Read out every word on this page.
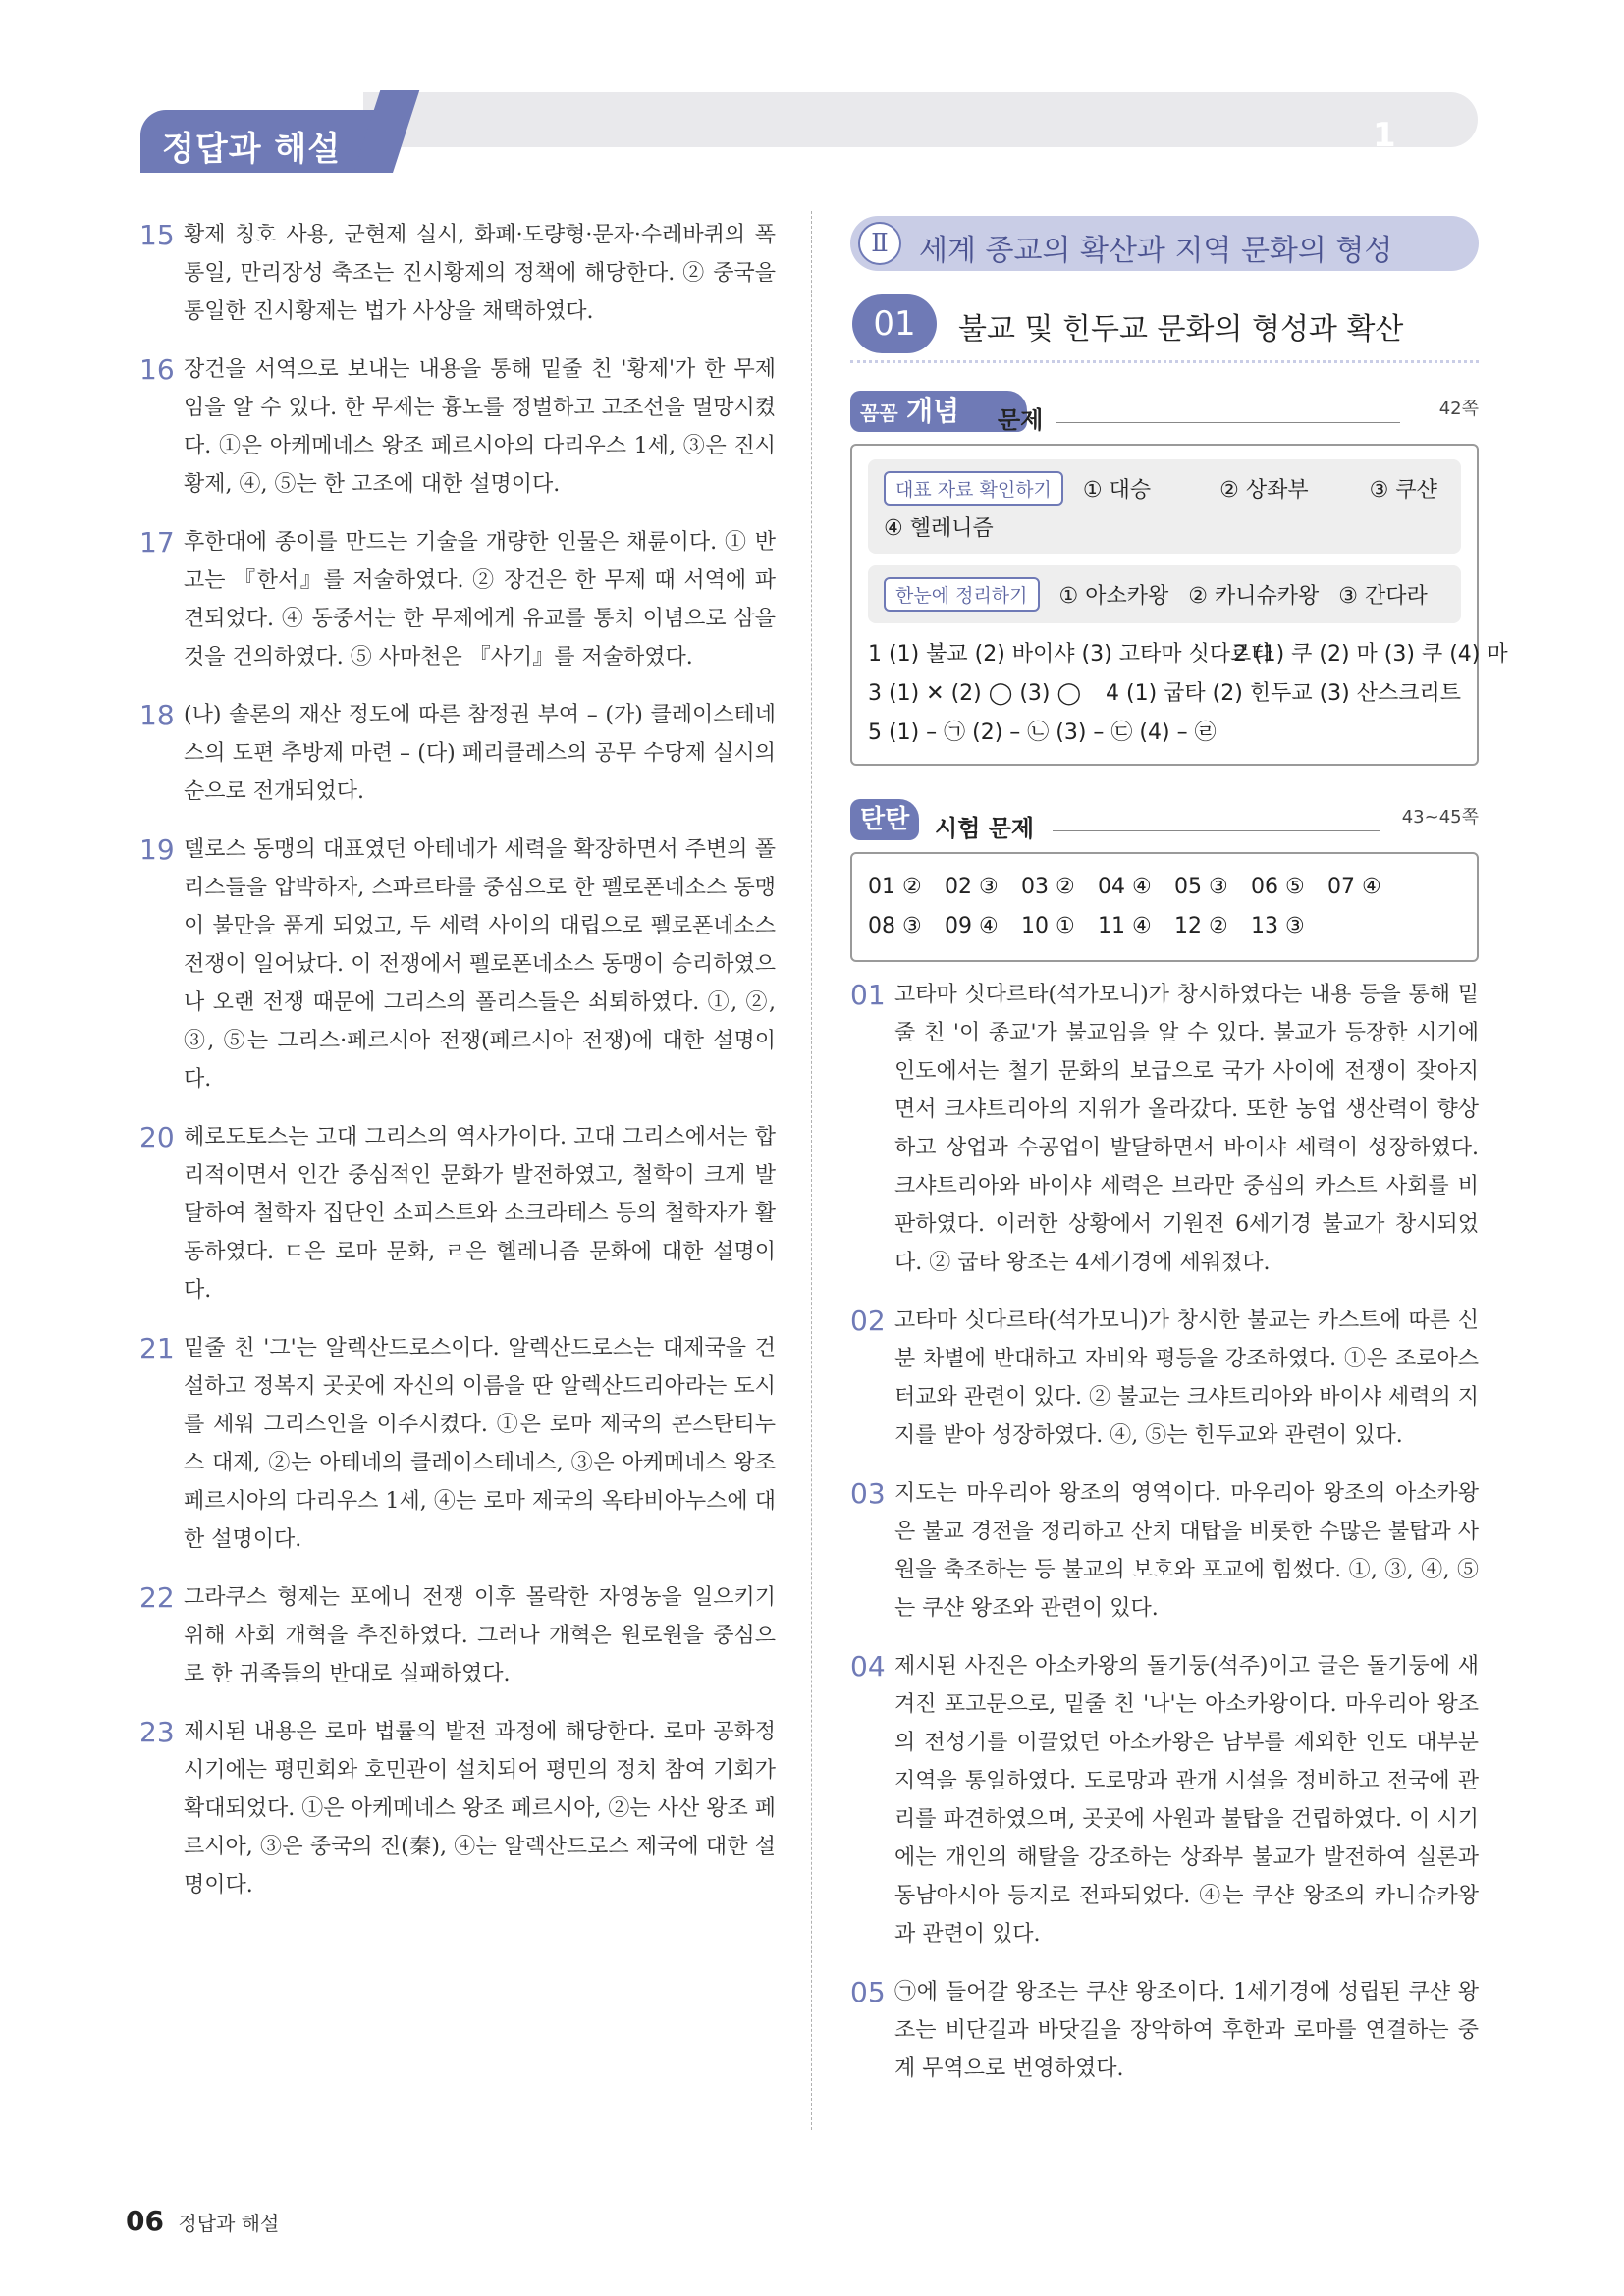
정답과 해설	1
15 황제 칭호 사용, 군현제 실시, 화폐·도량형·문자·수레바퀴의 폭 통일, 만리장성 축조는 진시황제의 정책에 해당한다. ② 중국을 통일한 진시황제는 법가 사상을 채택하였다.
16 장건을 서역으로 보내는 내용을 통해 밑줄 친 '황제'가 한 무제임을 알 수 있다. 한 무제는 흉노를 정벌하고 고조선을 멸망시켰다. ①은 아케메네스 왕조 페르시아의 다리우스 1세, ③은 진시황제, ④, ⑤는 한 고조에 대한 설명이다.
17 후한대에 종이를 만드는 기술을 개량한 인물은 채륜이다. ① 반고는 『한서』를 저술하였다. ② 장건은 한 무제 때 서역에 파견되었다. ④ 동중서는 한 무제에게 유교를 통치 이념으로 삼을 것을 건의하였다. ⑤ 사마천은 『사기』를 저술하였다.
18 (나) 솔론의 재산 정도에 따른 참정권 부여 – (가) 클레이스테네스의 도편 추방제 마련 – (다) 페리클레스의 공무 수당제 실시의 순으로 전개되었다.
19 델로스 동맹의 대표였던 아테네가 세력을 확장하면서 주변의 폴리스들을 압박하자, 스파르타를 중심으로 한 펠로폰네소스 동맹이 불만을 품게 되었고, 두 세력 사이의 대립으로 펠로폰네소스 전쟁이 일어났다. 이 전쟁에서 펠로폰네소스 동맹이 승리하였으나 오랜 전쟁 때문에 그리스의 폴리스들은 쇠퇴하였다. ①, ②, ③, ⑤는 그리스·페르시아 전쟁(페르시아 전쟁)에 대한 설명이다.
20 헤로도토스는 고대 그리스의 역사가이다. 고대 그리스에서는 합리적이면서 인간 중심적인 문화가 발전하였고, 철학이 크게 발달하여 철학자 집단인 소피스트와 소크라테스 등의 철학자가 활동하였다. ㄷ은 로마 문화, ㄹ은 헬레니즘 문화에 대한 설명이다.
21 밑줄 친 '그'는 알렉산드로스이다. 알렉산드로스는 대제국을 건설하고 정복지 곳곳에 자신의 이름을 딴 알렉산드리아라는 도시를 세워 그리스인을 이주시켰다. ①은 로마 제국의 콘스탄티누스 대제, ②는 아테네의 클레이스테네스, ③은 아케메네스 왕조 페르시아의 다리우스 1세, ④는 로마 제국의 옥타비아누스에 대한 설명이다.
22 그라쿠스 형제는 포에니 전쟁 이후 몰락한 자영농을 일으키기 위해 사회 개혁을 추진하였다. 그러나 개혁은 원로원을 중심으로 한 귀족들의 반대로 실패하였다.
23 제시된 내용은 로마 법률의 발전 과정에 해당한다. 로마 공화정 시기에는 평민회와 호민관이 설치되어 평민의 정치 참여 기회가 확대되었다. ①은 아케메네스 왕조 페르시아, ②는 사산 왕조 페르시아, ③은 중국의 진(秦), ④는 알렉산드로스 제국에 대한 설명이다.
Ⅱ	세계 종교의 확산과 지역 문화의 형성
01	불교 및 힌두교 문화의 형성과 확산
꼼꼼 개념	문제	42쪽
대표 자료 확인하기	① 대승	② 상좌부	③ 쿠샨
④ 헬레니즘
한눈에 정리하기	① 아소카왕 ② 카니슈카왕 ③ 간다라
1 (1) 불교 (2) 바이샤 (3) 고타마 싯다르타
2 (1) 쿠 (2) 마 (3) 쿠 (4) 마
3 (1) ✕ (2) ◯ (3) ◯	4 (1) 굽타 (2) 힌두교 (3) 산스크리트
5 (1) – ㉠ (2) – ㉡ (3) – ㉢ (4) – ㉣
탄탄	시험 문제	43~45쪽
01 ②	02 ③	03 ②	04 ④	05 ③	06 ⑤	07 ④
08 ③	09 ④	10 ①	11 ④	12 ②	13 ③
01 고타마 싯다르타(석가모니)가 창시하였다는 내용 등을 통해 밑줄 친 '이 종교'가 불교임을 알 수 있다. 불교가 등장한 시기에 인도에서는 철기 문화의 보급으로 국가 사이에 전쟁이 잦아지면서 크샤트리아의 지위가 올라갔다. 또한 농업 생산력이 향상하고 상업과 수공업이 발달하면서 바이샤 세력이 성장하였다. 크샤트리아와 바이샤 세력은 브라만 중심의 카스트 사회를 비판하였다. 이러한 상황에서 기원전 6세기경 불교가 창시되었다. ② 굽타 왕조는 4세기경에 세워졌다.
02 고타마 싯다르타(석가모니)가 창시한 불교는 카스트에 따른 신분 차별에 반대하고 자비와 평등을 강조하였다. ①은 조로아스터교와 관련이 있다. ② 불교는 크샤트리아와 바이샤 세력의 지지를 받아 성장하였다. ④, ⑤는 힌두교와 관련이 있다.
03 지도는 마우리아 왕조의 영역이다. 마우리아 왕조의 아소카왕은 불교 경전을 정리하고 산치 대탑을 비롯한 수많은 불탑과 사원을 축조하는 등 불교의 보호와 포교에 힘썼다. ①, ③, ④, ⑤는 쿠샨 왕조와 관련이 있다.
04 제시된 사진은 아소카왕의 돌기둥(석주)이고 글은 돌기둥에 새겨진 포고문으로, 밑줄 친 '나'는 아소카왕이다. 마우리아 왕조의 전성기를 이끌었던 아소카왕은 남부를 제외한 인도 대부분 지역을 통일하였다. 도로망과 관개 시설을 정비하고 전국에 관리를 파견하였으며, 곳곳에 사원과 불탑을 건립하였다. 이 시기에는 개인의 해탈을 강조하는 상좌부 불교가 발전하여 실론과 동남아시아 등지로 전파되었다. ④는 쿠샨 왕조의 카니슈카왕과 관련이 있다.
05 ㉠에 들어갈 왕조는 쿠샨 왕조이다. 1세기경에 성립된 쿠샨 왕조는 비단길과 바닷길을 장악하여 후한과 로마를 연결하는 중계 무역으로 번영하였다.
06 정답과 해설
